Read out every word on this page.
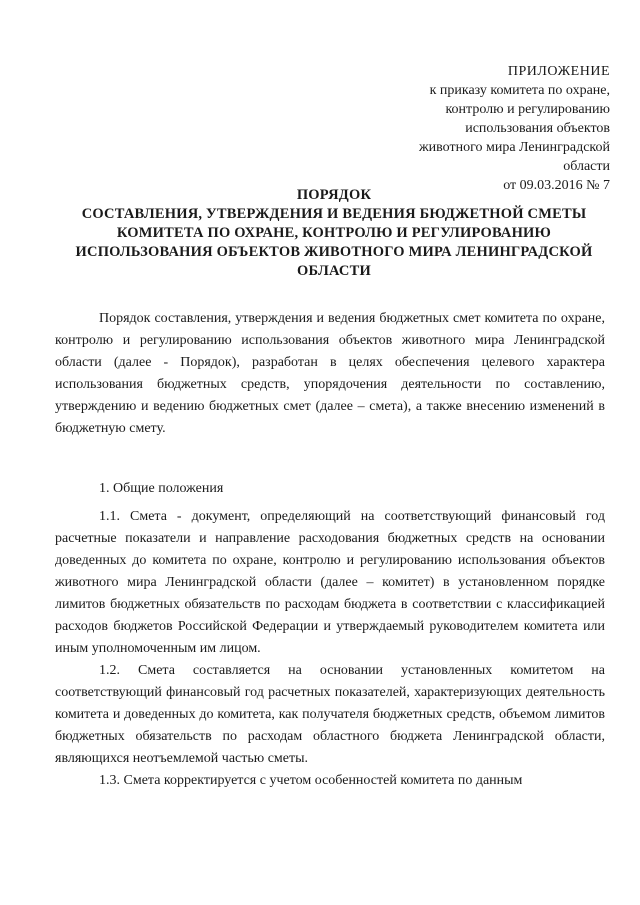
ПРИЛОЖЕНИЕ
к приказу комитета по охране,
контролю и регулированию
использования объектов
животного мира Ленинградской
области
от 09.03.2016 № 7
ПОРЯДОК
СОСТАВЛЕНИЯ, УТВЕРЖДЕНИЯ И ВЕДЕНИЯ БЮДЖЕТНОЙ СМЕТЫ
КОМИТЕТА ПО ОХРАНЕ, КОНТРОЛЮ И РЕГУЛИРОВАНИЮ
ИСПОЛЬЗОВАНИЯ ОБЪЕКТОВ ЖИВОТНОГО МИРА ЛЕНИНГРАДСКОЙ
ОБЛАСТИ

Порядок составления, утверждения и ведения бюджетных смет комитета по охране, контролю и регулированию использования объектов животного мира Ленинградской области (далее - Порядок), разработан в целях обеспечения целевого характера использования бюджетных средств, упорядочения деятельности по составлению, утверждению и ведению бюджетных смет (далее – смета), а также внесению изменений в бюджетную смету.

1. Общие положения

1.1. Смета - документ, определяющий на соответствующий финансовый год расчетные показатели и направление расходования бюджетных средств на основании доведенных до комитета по охране, контролю и регулированию использования объектов животного мира Ленинградской области (далее – комитет) в установленном порядке лимитов бюджетных обязательств по расходам бюджета в соответствии с классификацией расходов бюджетов Российской Федерации и утверждаемый руководителем комитета или иным уполномоченным им лицом.

1.2. Смета составляется на основании установленных комитетом на соответствующий финансовый год расчетных показателей, характеризующих деятельность комитета и доведенных до комитета, как получателя бюджетных средств, объемом лимитов бюджетных обязательств по расходам областного бюджета Ленинградской области, являющихся неотъемлемой частью сметы.

1.3. Смета корректируется с учетом особенностей комитета по данным
